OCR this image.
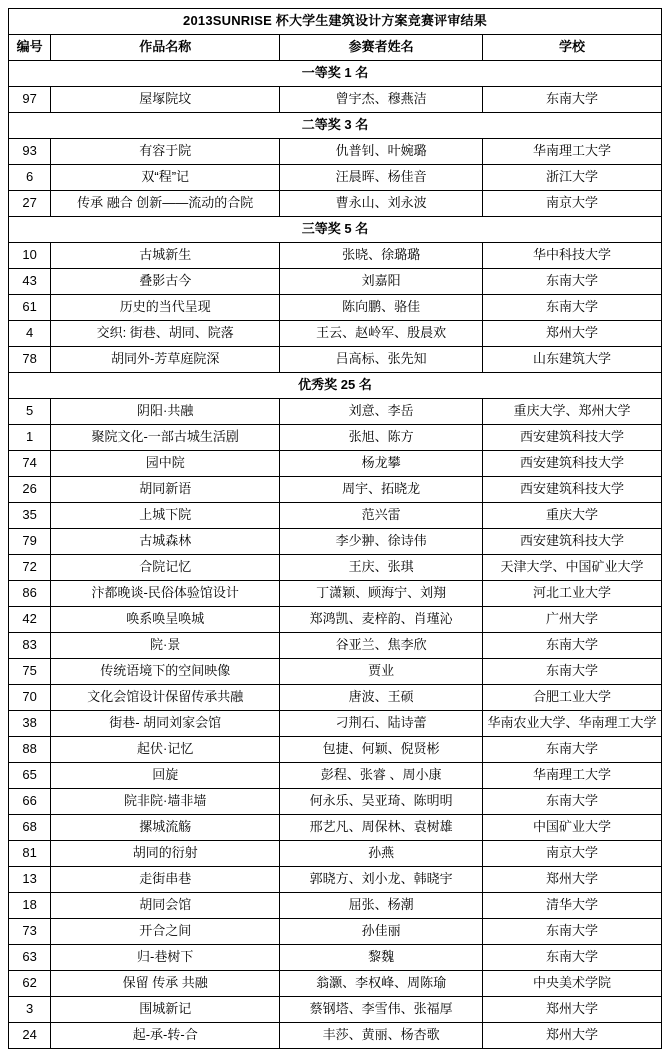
2013SUNRISE 杯大学生建筑设计方案竞赛评审结果			
编号	作品名称	参赛者姓名	学校
一等奖 1 名			
97	屋塚院坟	曾宇杰、穆燕洁	东南大学
二等奖 3 名			
93	有容于院	仇普钊、叶婉璐	华南理工大学
6	双“程”记	汪晨晖、杨佳音	浙江大学
27	传承 融合 创新——流动的合院	曹永山、刘永波	南京大学
三等奖 5 名			
10	古城新生	张晓、徐璐璐	华中科技大学
43	叠影古今	刘嘉阳	东南大学
61	历史的当代呈现	陈向鹏、骆佳	东南大学
4	交织: 街巷、胡同、院落	王云、赵岭军、殷晨欢	郑州大学
78	胡同外-芳草庭院深	吕高标、张先知	山东建筑大学
优秀奖 25 名			
5	阴阳·共融	刘意、李岳	重庆大学、郑州大学
1	聚院文化-一部古城生活剧	张旭、陈方	西安建筑科技大学
74	园中院	杨龙攀	西安建筑科技大学
26	胡同新语	周宇、拓晓龙	西安建筑科技大学
35	上城下院	范兴雷	重庆大学
79	古城森林	李少翀、徐诗伟	西安建筑科技大学
72	合院记忆	王庆、张琪	天津大学、中国矿业大学
86	汴都晚谈-民俗体验馆设计	丁潇颖、顾海宁、刘翔	河北工业大学
42	唤系唤呈唤城	郑鸿凯、麦梓韵、肖瑾沁	广州大学
83	院·景	谷亚兰、焦李欣	东南大学
75	传统语境下的空间映像	贾业	东南大学
70	文化会馆设计保留传承共融	唐波、王硕	合肥工业大学
38	街巷- 胡同刘家会馆	刁荆石、陆诗蕾	华南农业大学、华南理工大学
88	起伏·记忆	包捷、何颖、倪贤彬	东南大学
65	回旋	彭程、张睿 、周小康	华南理工大学
66	院非院·墙非墙	何永乐、吴亚琦、陈明明	东南大学
68	摞城流觞	邢艺凡、周保林、袁树雄	中国矿业大学
81	胡同的衍射	孙燕	南京大学
13	走街串巷	郭晓方、刘小龙、韩晓宇	郑州大学
18	胡同会馆	屈张、杨潮	清华大学
73	开合之间	孙佳丽	东南大学
63	归-巷树下	黎魏	东南大学
62	保留 传承 共融	翁灏、李权峰、周陈瑜	中央美术学院
3	围城新记	蔡钢塔、李雪伟、张福厚	郑州大学
24	起-承-转-合	丰莎、黄丽、杨杏歌	郑州大学
